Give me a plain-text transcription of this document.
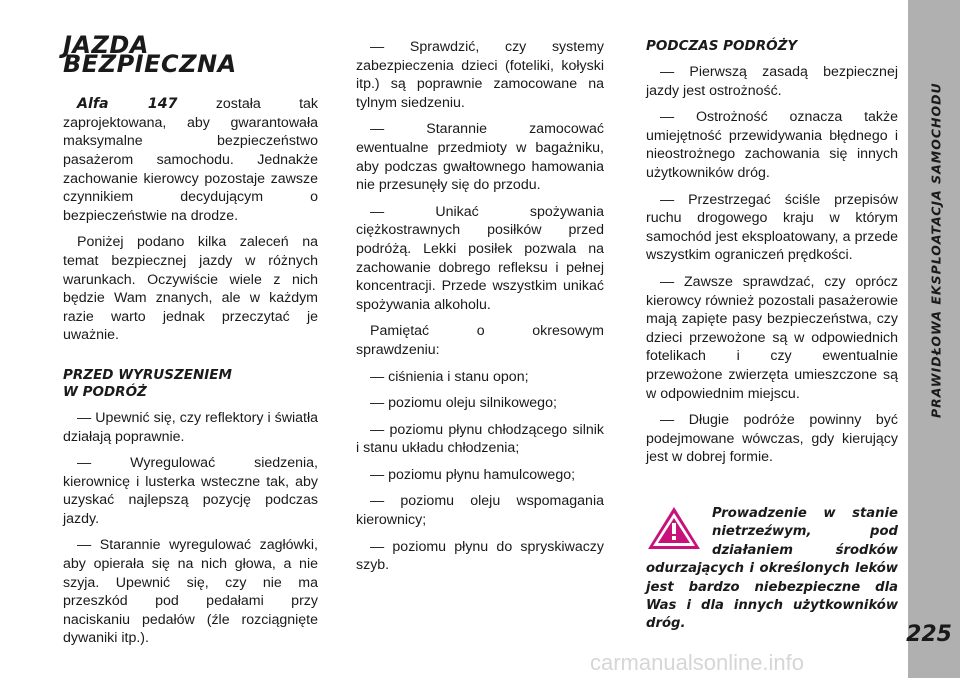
JAZDA BEZPIECZNA

Alfa 147 została tak zaprojektowana, aby gwarantowała maksymalne bezpieczeństwo pasażerom samochodu. Jednakże zachowanie kierowcy pozostaje zawsze czynnikiem decydującym o bezpieczeństwie na drodze.

Poniżej podano kilka zaleceń na temat bezpiecznej jazdy w różnych warunkach. Oczywiście wiele z nich będzie Wam znanych, ale w każdym razie warto jednak przeczytać je uważnie.

PRZED WYRUSZENIEM
W PODRÓŻ

— Upewnić się, czy reflektory i światła działają poprawnie.

— Wyregulować siedzenia, kierownicę i lusterka wsteczne tak, aby uzyskać najlepszą pozycję podczas jazdy.

— Starannie wyregulować zagłówki, aby opierała się na nich głowa, a nie szyja. Upewnić się, czy nie ma przeszkód pod pedałami przy naciskaniu pedałów (źle rozciągnięte dywaniki itp.).

— Sprawdzić, czy systemy zabezpieczenia dzieci (foteliki, kołyski itp.) są poprawnie zamocowane na tylnym siedzeniu.

— Starannie zamocować ewentualne przedmioty w bagażniku, aby podczas gwałtownego hamowania nie przesunęły się do przodu.

— Unikać spożywania ciężkostrawnych posiłków przed podróżą. Lekki posiłek pozwala na zachowanie dobrego refleksu i pełnej koncentracji. Przede wszystkim unikać spożywania alkoholu.

Pamiętać o okresowym sprawdzeniu:

— ciśnienia i stanu opon;

— poziomu oleju silnikowego;

— poziomu płynu chłodzącego silnik i stanu układu chłodzenia;

— poziomu płynu hamulcowego;

— poziomu oleju wspomagania kierownicy;

— poziomu płynu do spryskiwaczy szyb.

PODCZAS PODRÓŻY

— Pierwszą zasadą bezpiecznej jazdy jest ostrożność.

— Ostrożność oznacza także umiejętność przewidywania błędnego i nieostrożnego zachowania się innych użytkowników dróg.

— Przestrzegać ściśle przepisów ruchu drogowego kraju w którym samochód jest eksploatowany, a przede wszystkim ograniczeń prędkości.

— Zawsze sprawdzać, czy oprócz kierowcy również pozostali pasażerowie mają zapięte pasy bezpieczeństwa, czy dzieci przewożone są w odpowiednich fotelikach i czy ewentualnie przewożone zwierzęta umieszczone są w odpowiednim miejscu.

— Długie podróże powinny być podejmowane wówczas, gdy kierujący jest w dobrej formie.

Prowadzenie w stanie nietrzeźwym, pod działaniem środków odurzających i określonych leków jest bardzo niebezpieczne dla Was i dla innych użytkowników dróg.
PRAWIDŁOWA EKSPLOATACJA SAMOCHODU
225
carmanualsonline.info
